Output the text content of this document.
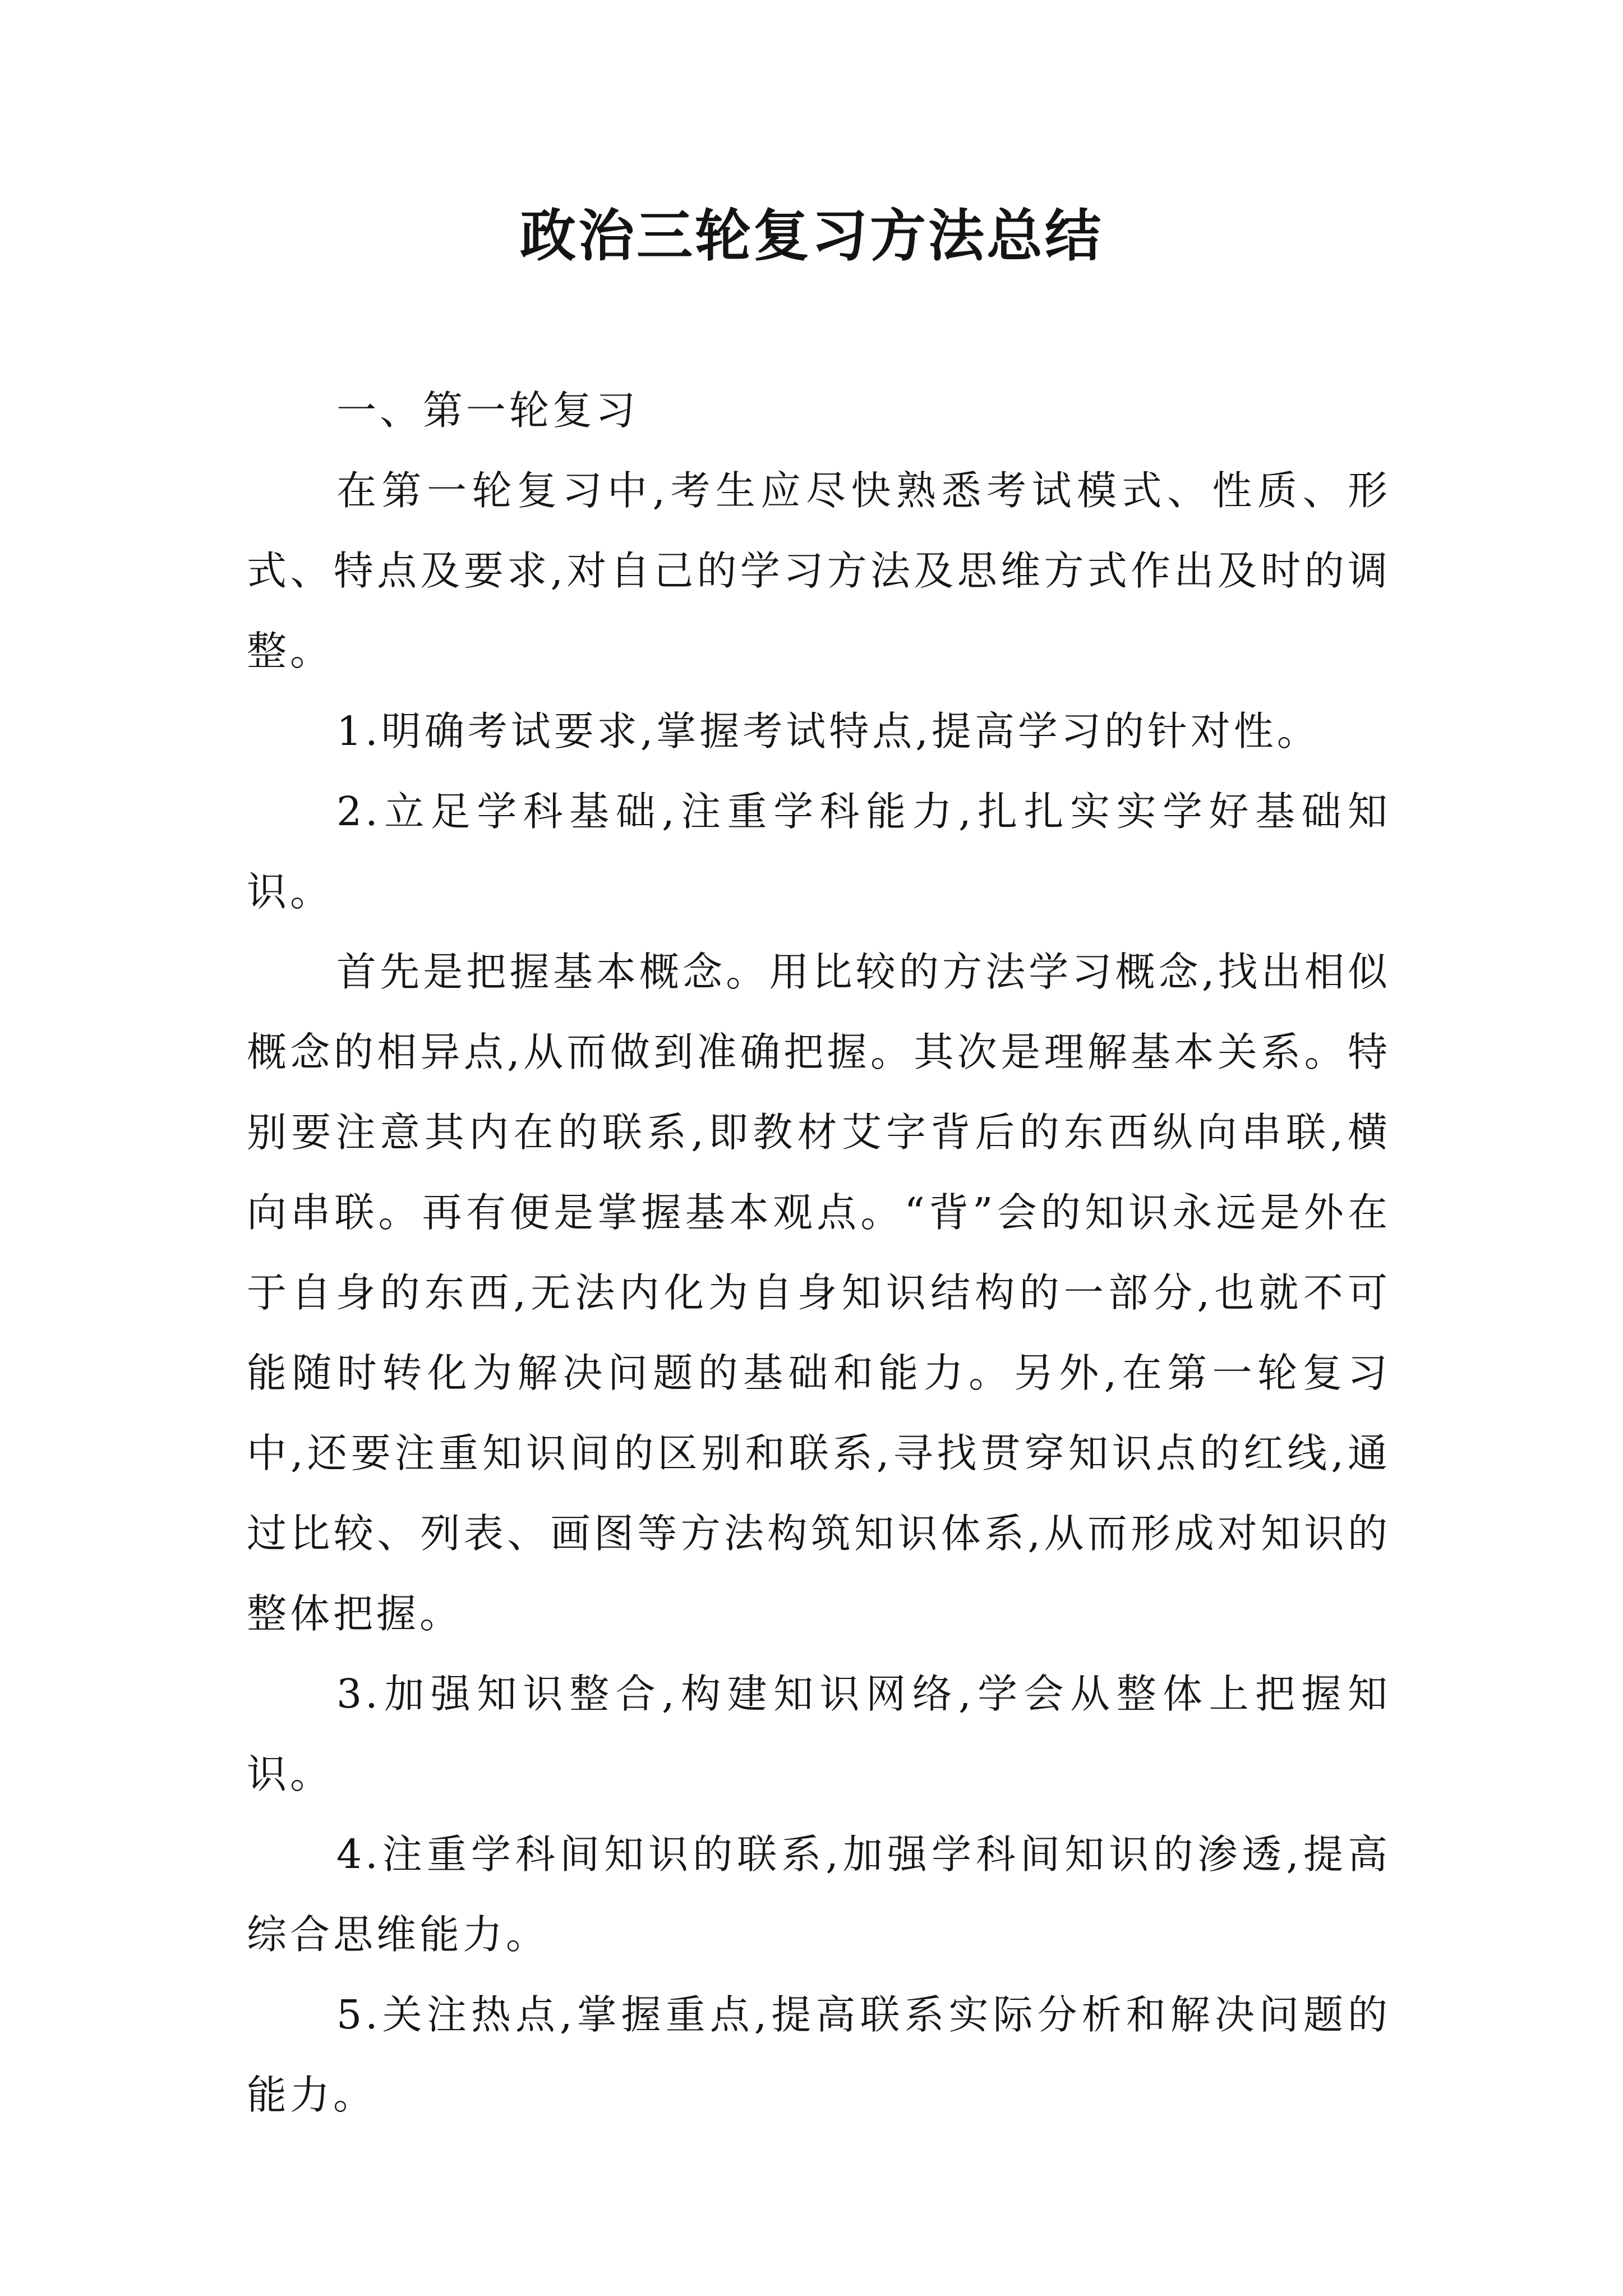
政治三轮复习方法总结

一、第一轮复习

在第一轮复习中,考生应尽快熟悉考试模式、性质、形式、特点及要求,对自己的学习方法及思维方式作出及时的调整。

1.明确考试要求,掌握考试特点,提高学习的针对性。

2.立足学科基础,注重学科能力,扎扎实实学好基础知识。

首先是把握基本概念。用比较的方法学习概念,找出相似概念的相异点,从而做到准确把握。其次是理解基本关系。特别要注意其内在的联系,即教材艾字背后的东西纵向串联,横向串联。再有便是掌握基本观点。“背”会的知识永远是外在于自身的东西,无法内化为自身知识结构的一部分,也就不可能随时转化为解决问题的基础和能力。另外,在第一轮复习中,还要注重知识间的区别和联系,寻找贯穿知识点的红线,通过比较、列表、画图等方法构筑知识体系,从而形成对知识的整体把握。

3.加强知识整合,构建知识网络,学会从整体上把握知识。

4.注重学科间知识的联系,加强学科间知识的渗透,提高综合思维能力。

5.关注热点,掌握重点,提高联系实际分析和解决问题的能力。
